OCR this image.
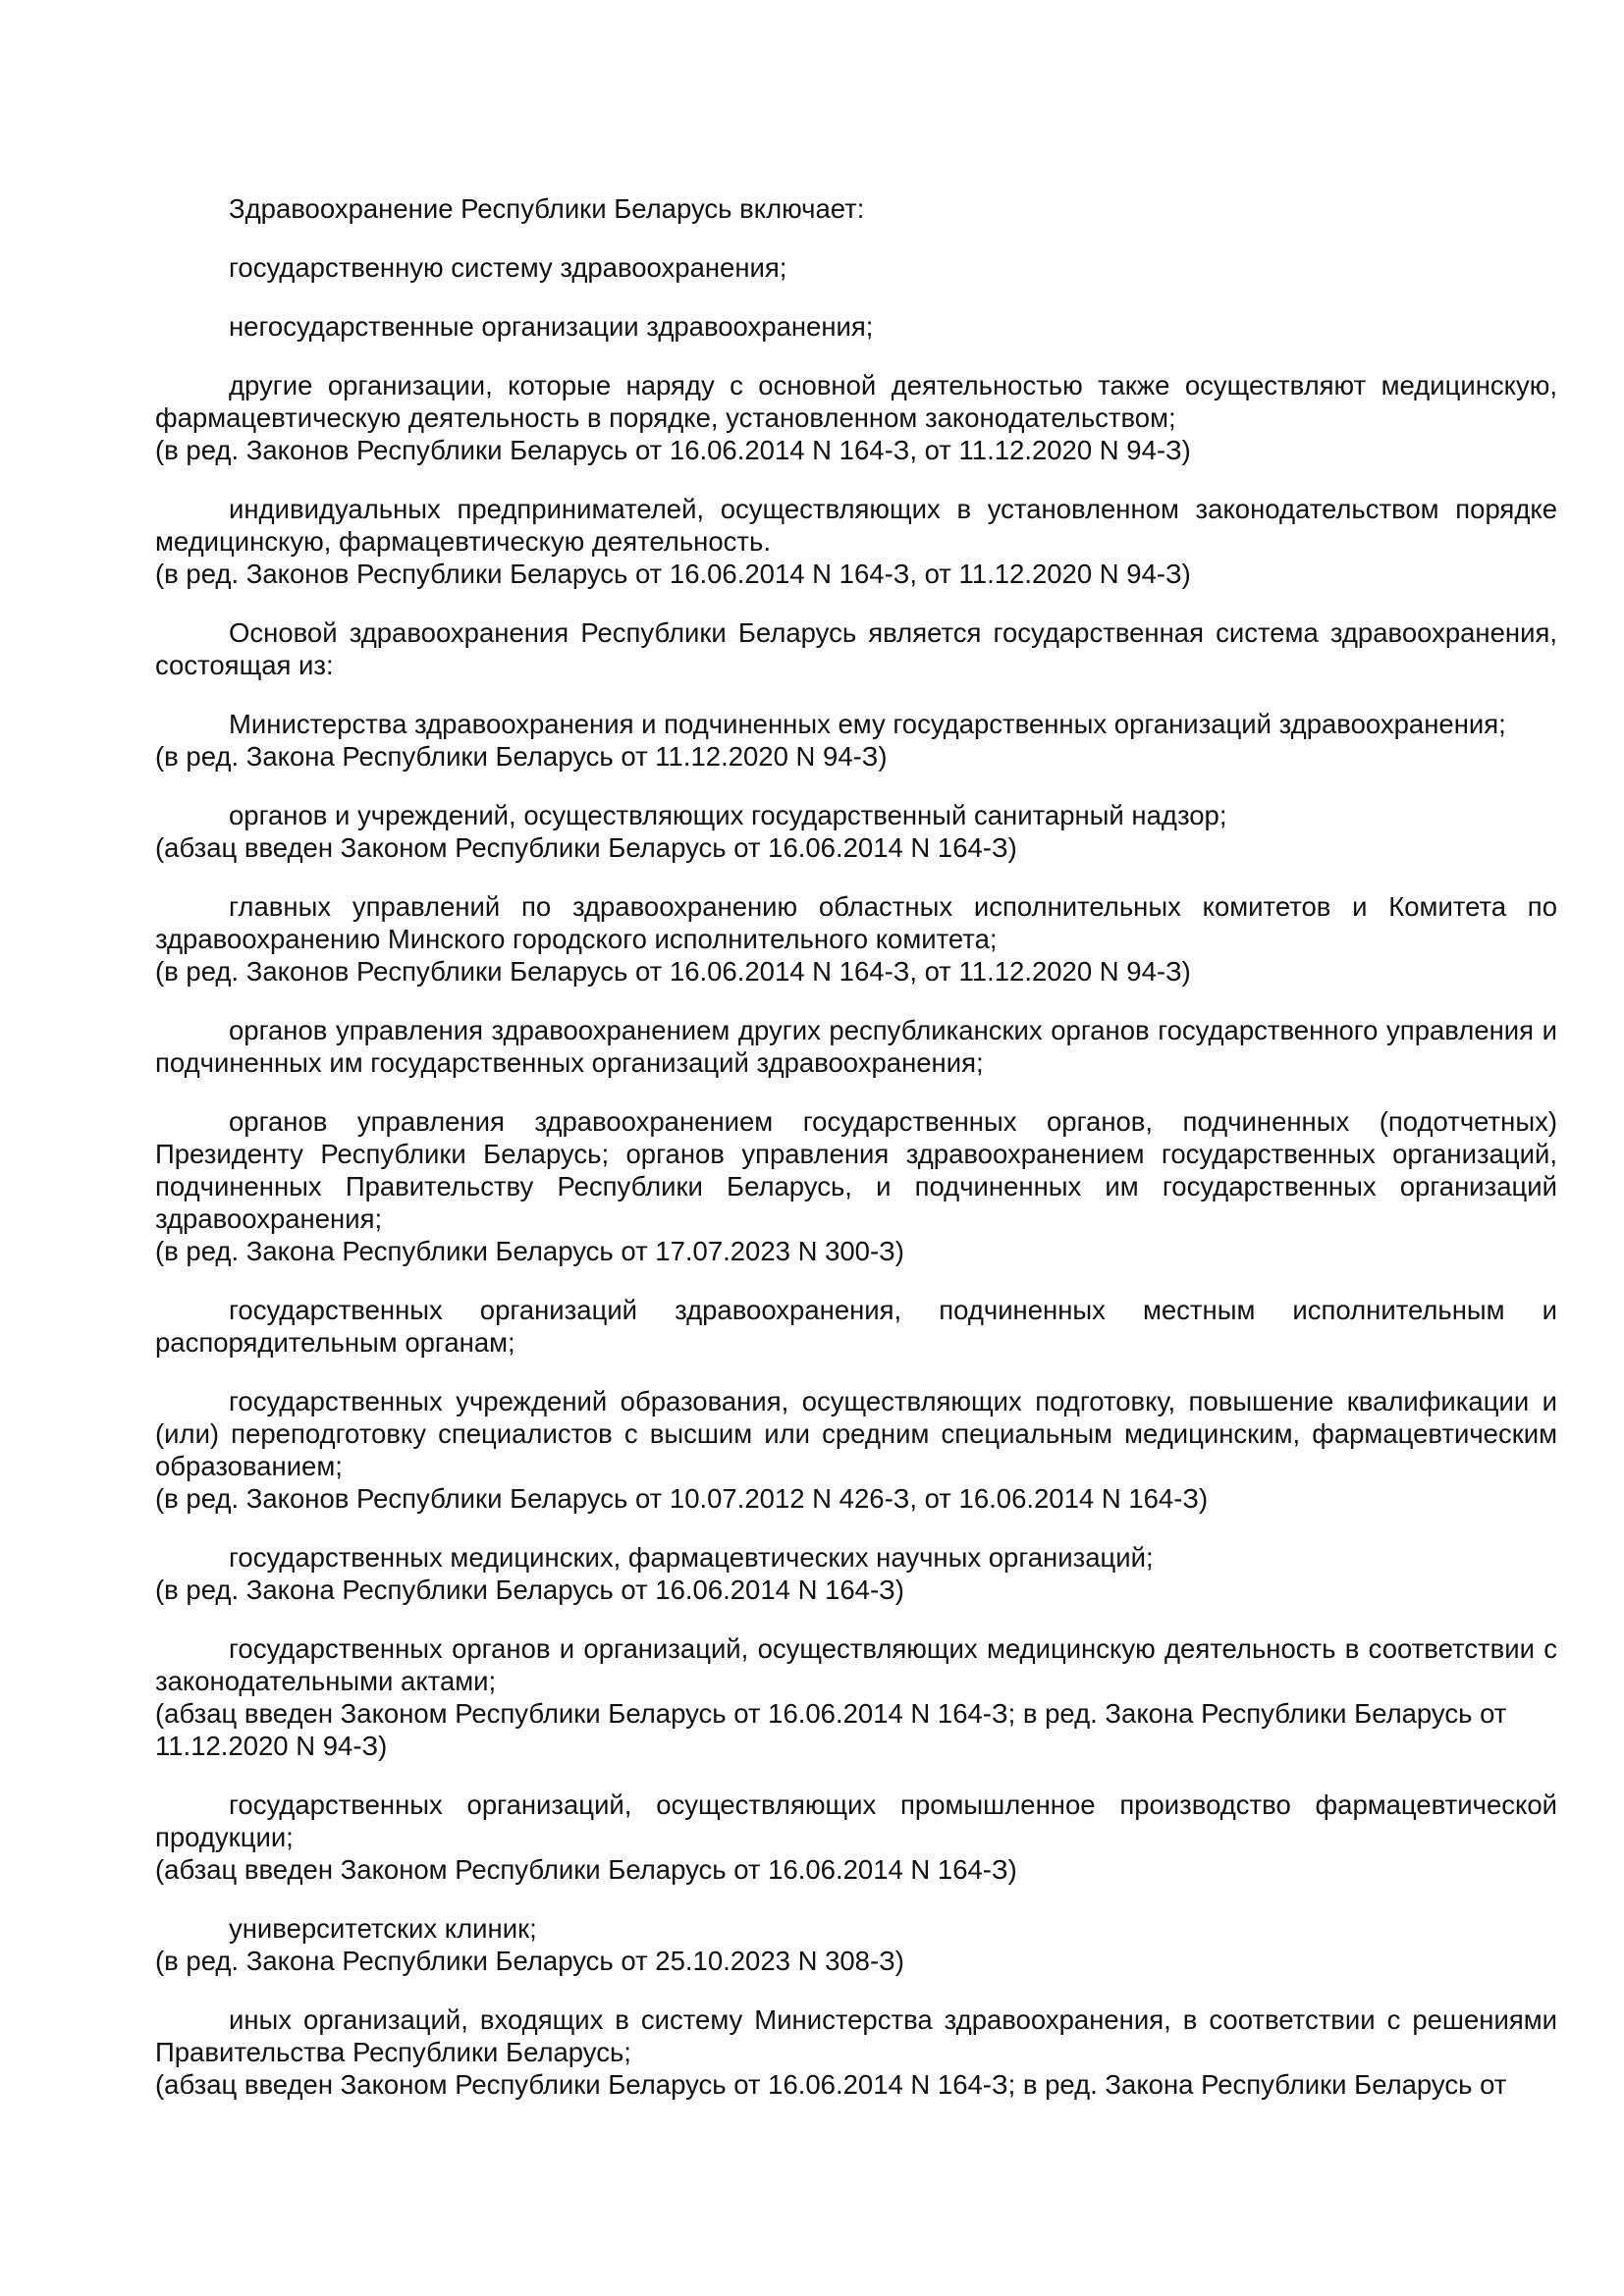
Здравоохранение Республики Беларусь включает:

государственную систему здравоохранения;

негосударственные организации здравоохранения;

другие организации, которые наряду с основной деятельностью также осуществляют медицинскую, фармацевтическую деятельность в порядке, установленном законодательством;

(в ред. Законов Республики Беларусь от 16.06.2014 N 164-З, от 11.12.2020 N 94-З)

индивидуальных предпринимателей, осуществляющих в установленном законодательством порядке медицинскую, фармацевтическую деятельность.

(в ред. Законов Республики Беларусь от 16.06.2014 N 164-З, от 11.12.2020 N 94-З)

Основой здравоохранения Республики Беларусь является государственная система здравоохранения, состоящая из:

Министерства здравоохранения и подчиненных ему государственных организаций здравоохранения;

(в ред. Закона Республики Беларусь от 11.12.2020 N 94-З)

органов и учреждений, осуществляющих государственный санитарный надзор;

(абзац введен Законом Республики Беларусь от 16.06.2014 N 164-З)

главных управлений по здравоохранению областных исполнительных комитетов и Комитета по здравоохранению Минского городского исполнительного комитета;

(в ред. Законов Республики Беларусь от 16.06.2014 N 164-З, от 11.12.2020 N 94-З)

органов управления здравоохранением других республиканских органов государственного управления и подчиненных им государственных организаций здравоохранения;

органов управления здравоохранением государственных органов, подчиненных (подотчетных) Президенту Республики Беларусь; органов управления здравоохранением государственных организаций, подчиненных Правительству Республики Беларусь, и подчиненных им государственных организаций здравоохранения;

(в ред. Закона Республики Беларусь от 17.07.2023 N 300-З)

государственных организаций здравоохранения, подчиненных местным исполнительным и распорядительным органам;

государственных учреждений образования, осуществляющих подготовку, повышение квалификации и (или) переподготовку специалистов с высшим или средним специальным медицинским, фармацевтическим образованием;

(в ред. Законов Республики Беларусь от 10.07.2012 N 426-З, от 16.06.2014 N 164-З)

государственных медицинских, фармацевтических научных организаций;

(в ред. Закона Республики Беларусь от 16.06.2014 N 164-З)

государственных органов и организаций, осуществляющих медицинскую деятельность в соответствии с законодательными актами;

(абзац введен Законом Республики Беларусь от 16.06.2014 N 164-З; в ред. Закона Республики Беларусь от 11.12.2020 N 94-З)

государственных организаций, осуществляющих промышленное производство фармацевтической продукции;

(абзац введен Законом Республики Беларусь от 16.06.2014 N 164-З)

университетских клиник;

(в ред. Закона Республики Беларусь от 25.10.2023 N 308-З)

иных организаций, входящих в систему Министерства здравоохранения, в соответствии с решениями Правительства Республики Беларусь;

(абзац введен Законом Республики Беларусь от 16.06.2014 N 164-З; в ред. Закона Республики Беларусь от
